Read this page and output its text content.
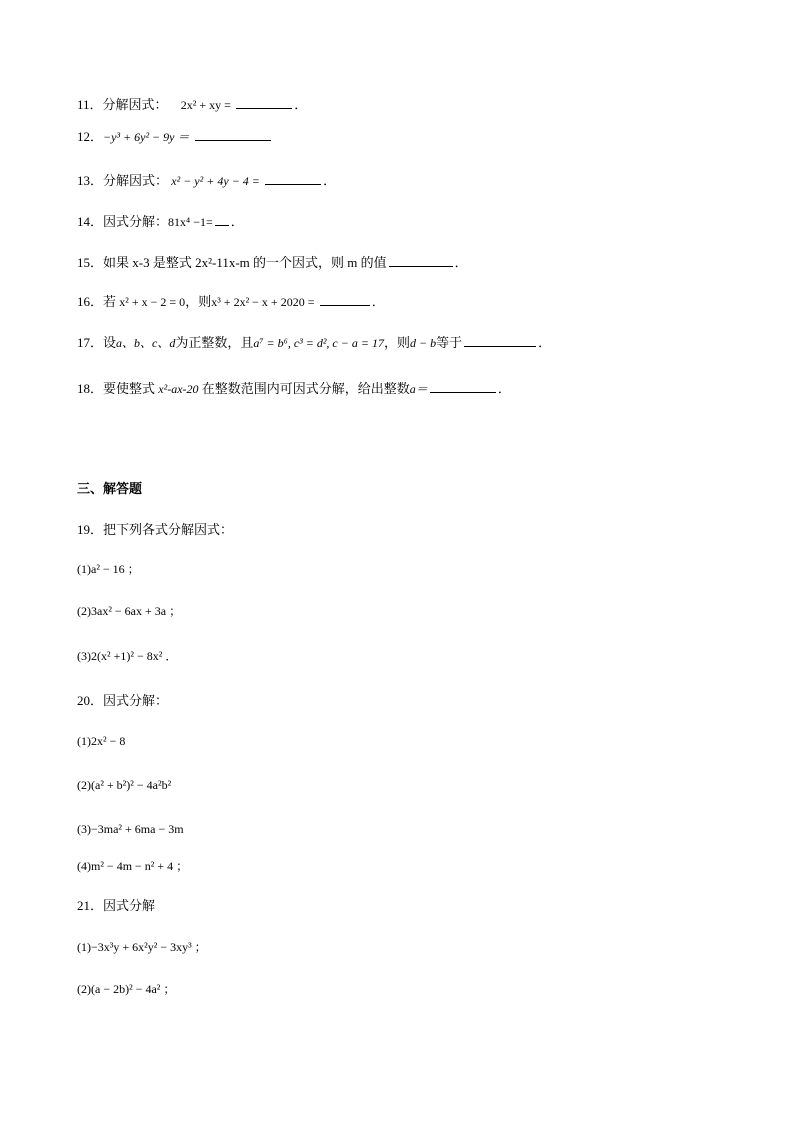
11．分解因式： 2x² + xy =	．
12．−y³ + 6y² − 9y ＝
13．分解因式： x² − y² + 4y − 4 =	．
14．因式分解：81x⁴ −1= ．
15．如果 x-3 是整式 2x²-11x-m 的一个因式，则 m 的值	．
16．若 x² + x − 2 = 0，则x³ + 2x² − x + 2020 =	．
17．设a、b、c、d为正整数，且a⁷ = b⁶, c³ = d², c − a = 17，则d − b等于	．
18．要使整式 x²-ax-20 在整数范围内可因式分解，给出整数a＝	．
三、解答题
19．把下列各式分解因式：
(1)a² − 16 ；
(2)3ax² − 6ax + 3a ；
(3)2(x² +1)² − 8x² ．
20．因式分解：
(1)2x² − 8
(2)(a² + b²)² − 4a²b²
(3)−3ma² + 6ma − 3m
(4)m² − 4m − n² + 4 ；
21．因式分解
(1)−3x³y + 6x²y² − 3xy³ ；
(2)(a − 2b)² − 4a² ；
